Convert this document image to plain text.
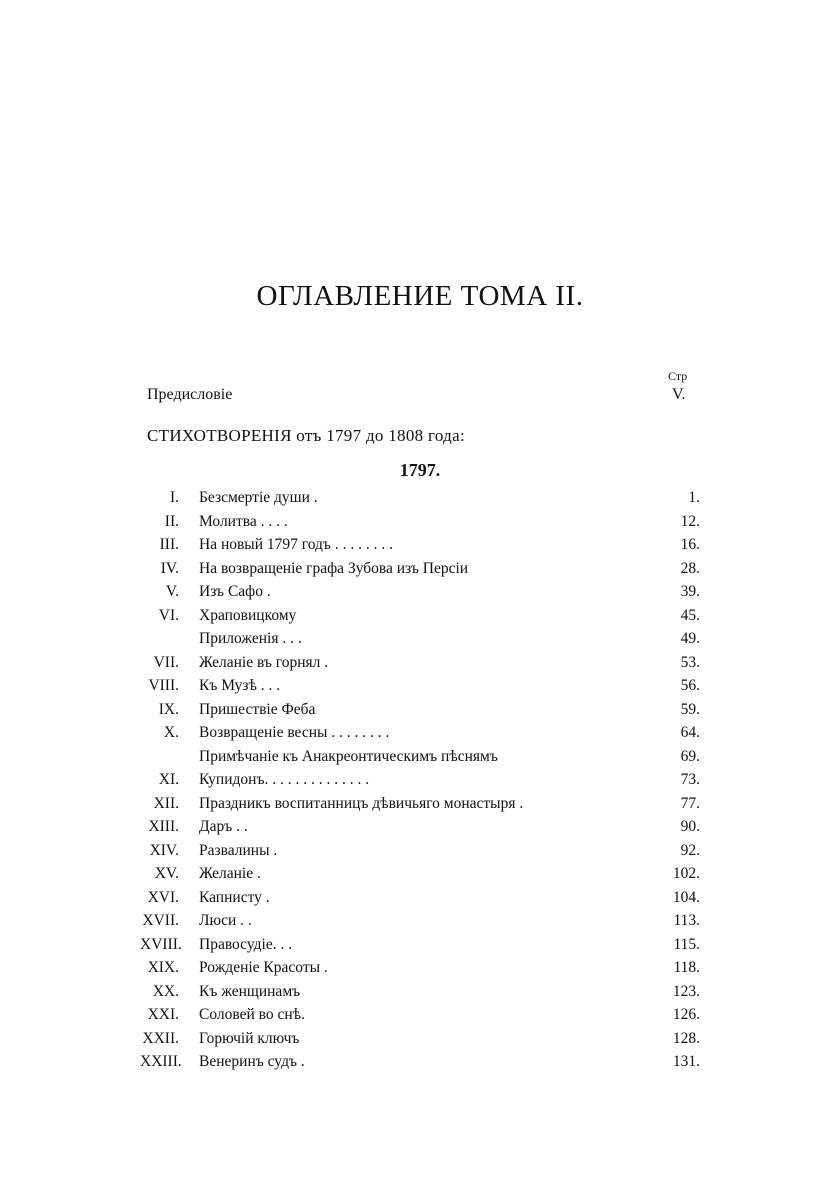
ОГЛАВЛЕНИЕ ТОМА II.
Стр
Предисловіе	V.
СТИХОТВОРЕНІЯ отъ 1797 до 1808 года:
1797.
I. Безсмертіе души .	1.
II. Молитва . . . .	12.
III. На новый 1797 годъ . . . . . . . .	16.
IV. На возвращеніе графа Зубова изъ Персіи	28.
V. Изъ Сафо .	39.
VI. Храповицкому	45.
Приложенія . . .	49.
VII. Желаніе въ горнял .	53.
VIII. Къ Музѣ . . .	56.
IX. Пришествіе Феба	59.
X. Возвращеніе весны . . . . . . . .	64.
Примѣчаніе къ Анакреонтическимъ пѣснямъ	69.
XI. Купидонъ. . . . . . . . . . . . . .	73.
XII. Праздникъ воспитанницъ дѣвичьяго монастыря .	77.
XIII. Даръ . .	90.
XIV. Развалины .	92.
XV. Желаніе .	102.
XVI. Капнисту .	104.
XVII. Люси . .	113.
XVIII. Правосудіе. . .	115.
XIX. Рожденіе Красоты .	118.
XX. Къ женщинамъ	123.
XXI. Соловей во снѣ.	126.
XXII. Горючій ключъ	128.
XXIII. Венеринъ судъ .	131.
